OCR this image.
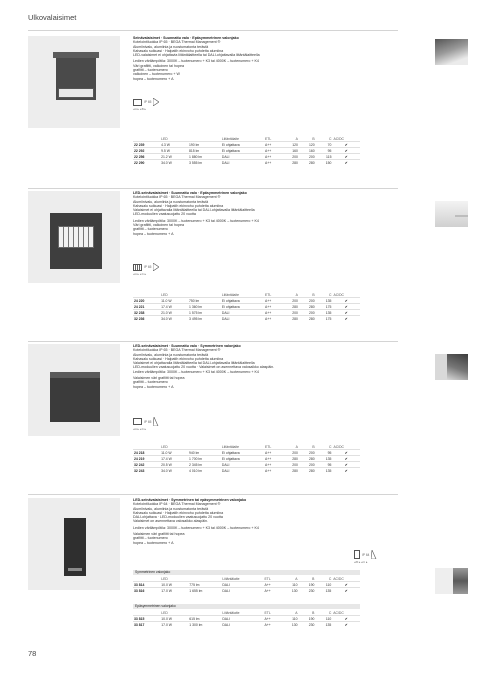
Ulkovalaisimet
Seinävalaisimet · Suunnattu valo · Epäsymmetrinen valonjako
Kotelointiluokka IP 65 · BEGA Thermal Management ®
Alumiinivalu, alumiinia ja ruostumatonta terästä
Kahasalu suikuasi · Halpatih ekinvohu puhdetta alumiina
LED-valaisimet ei ohjattavia liitäntälaitteella tai DALI-ohjattavalla liitäntälaitteella
Ledien värilämpötila: 3000K – tuotenumero + K3 tai 4000K – tuotenumero + K4
Väri grafiitti, valkoinen tai hopea
grafiitti – tuotenumero
valkoinen – tuotenumero + W
hopea – tuotenumero + A
IP 65
◂ A ▸ ◂ B ▸
	LED		Liitäntäiaite	ETL	A	B	C	AC/DC
22 239	4.3 W	190 lm	Ei ohjattava	A++	120	120	70	✔
22 292	9.5 W	815 lm	Ei ohjattava	A++	160	160	95	✔
22 256	21.2 W	1 880 lm	DALI	A++	200	200	115	✔
22 290	34.0 W	3 555 lm	DALI	A++	280	280	150	✔
LED-seinävalaisimet · Suunnattu valo · Epäsymmetrinen valonjako
Kotelointiluokka IP 65 · BEGA Thermal Management ®
Alumiinivalu, alumiinia ja ruostumatonta terästä
Kahasalu suikuasi · Halpatih ekinvohu puhdetta alumiina
Valaisimet ei ohjattavalla liitäntälaitteella tai DALI-ohjattavalla liitäntälaitteella
LED-moduulien vaatusuojattu 20 vuotta
Ledien värilämpötila: 3000K – tuotenumero + K3 tai 4000K – tuotenumero + K4
Väri grafiitti, valkoinen tai hopea
grafiitti – tuotenumero
hopea – tuotenumero + A
IP 65
◂ A ▸ ◂ C ▸
	LED		Liitäntäiaite	ETL	A	B	C	AC/DC
24 220	11.0 W	750 lm	Ei ohjattava	A++	200	200	135	✔
24 221	17.4 W	1 360 lm	Ei ohjattava	A++	280	280	175	✔
32 238	21.0 W	1 575 lm	DALI	A++	200	200	135	✔
32 236	34.0 W	3 495 lm	DALI	A++	280	280	175	✔
LED-seinävalaisimet · Suunnattu valo · Symmetrinen valonjako
Kotelointiluokka IP 65 · BEGA Thermal Management ®
Alumiinivalu, alumiinia ja ruostumatonta terästä
Kahasalu suikuasi · Halpatih ekinvohu puhdetta alumiina
Valaisimet ei ohjattavalla liitäntälaitteella tai DALI-ohjattavalla liitäntälaitteella
LED-moduulien vaatusuojattu 20 vuotta · Valaisimet on asennettava valosaikko alaspäin.
Ledien värilämpötila: 3000K – tuotenumero + K3 tai 4000K – tuotenumero + K4
Valaisimen väri grafiitti tai hopea
grafiitti – tuotenumero
hopea – tuotenumero + A
IP 65
◂ A ▸ ◂ C ▸
	LED		Liitäntäiaite	ETL	A	B	C	AC/DC
24 218	11.0 W	940 lm	Ei ohjattava	A++	200	200	95	✔
24 219	17.4 W	1 700 lm	Ei ohjattava	A++	280	280	135	✔
32 242	20.5 W	2 345 lm	DALI	A++	200	200	95	✔
32 243	34.0 W	4 010 lm	DALI	A++	280	280	135	✔
LED-seinävalaisimet · Symmetrinen tai epäsymmetrinen valonjako
Kotelointiluokka IP 64 · BEGA Thermal Management ®
Alumiinivalu, alumiinia ja ruostumatonta terästä
Kahasalu suikuasi · Halpatih ekinvohu puhdetta alumiina
DALI-ohjattava · LED-moduulien vaatusuojattu 20 vuotta
Valaisimet on asennettava valosaikko alaspäin.
Ledien värilämpötila: 3000K – tuotenumero + K3 tai 4000K – tuotenumero + K4
Valaisimen väri grafiitti tai hopea
grafiitti – tuotenumero
hopea – tuotenumero + A
IP 64
◂ B ▸ ◂ C ▸
Symmetrinen valonjako
	LED		Liitäntäiaite	ETL	A	B	C	AC/DC
33 814	10.0 W	775 lm	DALI	A++	110	190	110	✔
33 816	17.0 W	1 655 lm	DALI	A++	130	230	135	✔
Epäsymmetrinen valonjako
	LED		Liitäntäiaite	ETL	A	B	C	AC/DC
33 815	10.0 W	615 lm	DALI	A++	110	190	110	✔
33 817	17.0 W	1 300 lm	DALI	A++	130	230	135	✔
78
